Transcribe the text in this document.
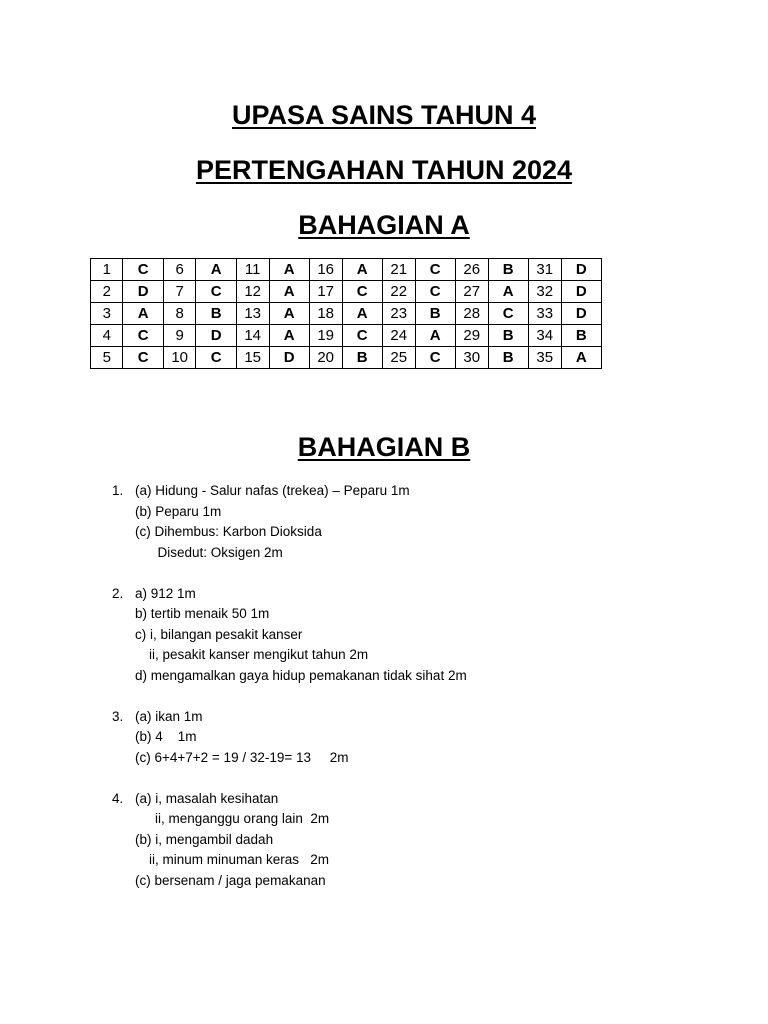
UPASA SAINS TAHUN 4
PERTENGAHAN TAHUN 2024
BAHAGIAN A
1	C	6	A	11	A	16	A	21	C	26	B	31	D
2	D	7	C	12	A	17	C	22	C	27	A	32	D
3	A	8	B	13	A	18	A	23	B	28	C	33	D
4	C	9	D	14	A	19	C	24	A	29	B	34	B
5	C	10	C	15	D	20	B	25	C	30	B	35	A
BAHAGIAN B
1. (a) Hidung - Salur nafas (trekea) – Peparu 1m
(b) Peparu 1m
(c) Dihembus: Karbon Dioksida
Disedut: Oksigen 2m
2. a) 912 1m
b) tertib menaik 50 1m
c) i, bilangan pesakit kanser
ii, pesakit kanser mengikut tahun 2m
d) mengamalkan gaya hidup pemakanan tidak sihat 2m
3. (a) ikan 1m
(b) 4    1m
(c) 6+4+7+2 = 19 / 32-19= 13     2m
4. (a) i, masalah kesihatan
ii, menganggu orang lain  2m
(b) i, mengambil dadah
ii, minum minuman keras   2m
(c) bersenam / jaga pemakanan
